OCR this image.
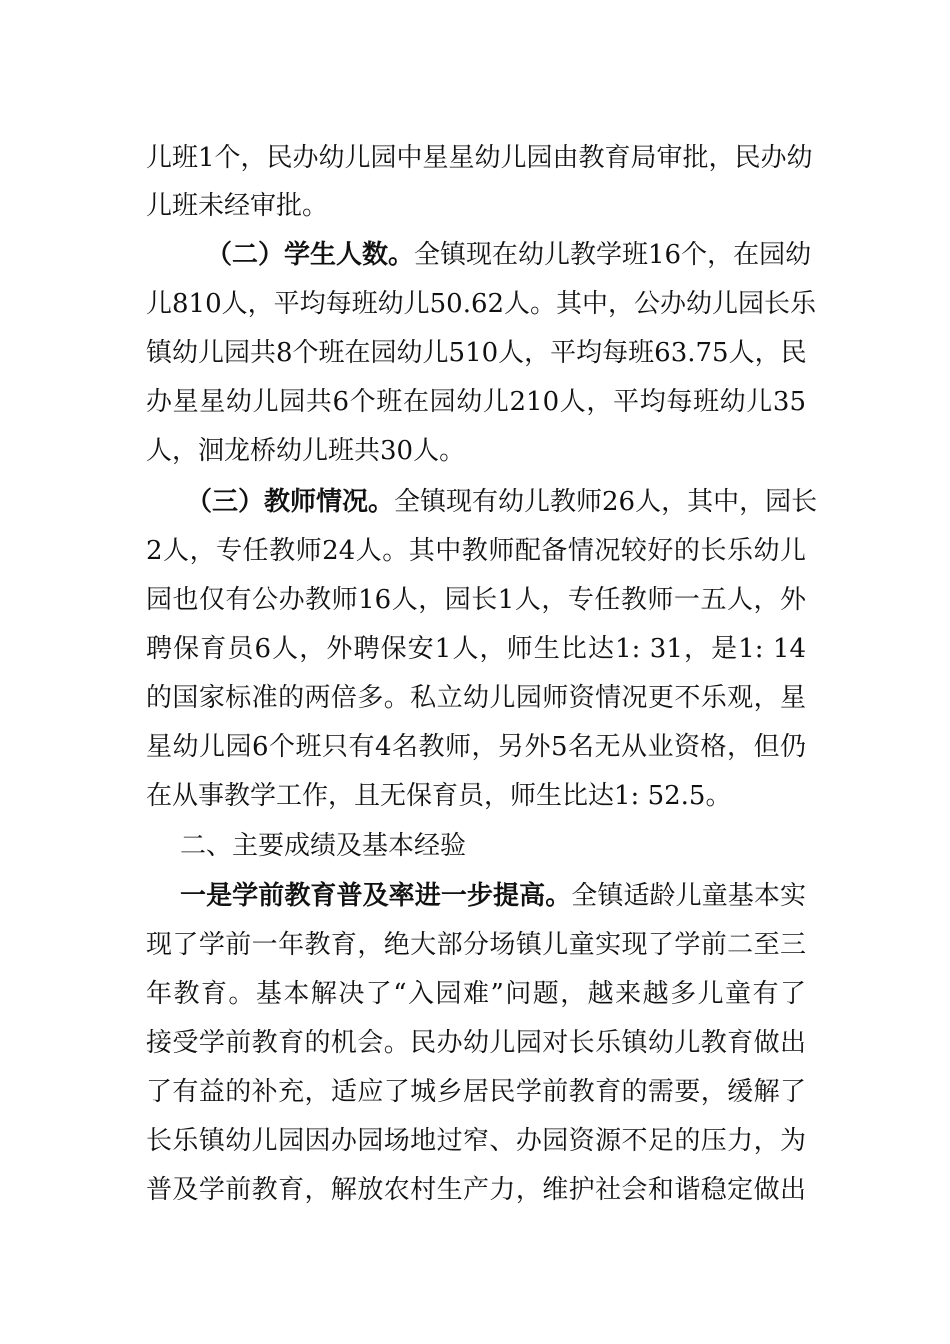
儿班1个，民办幼儿园中星星幼儿园由教育局审批，民办幼
儿班未经审批。
（二）学生人数。全镇现在幼儿教学班16个，在园幼
儿810人，平均每班幼儿50.62人。其中，公办幼儿园长乐
镇幼儿园共8个班在园幼儿510人，平均每班63.75人，民
办星星幼儿园共6个班在园幼儿210人，平均每班幼儿35
人，洄龙桥幼儿班共30人。
（三）教师情况。全镇现有幼儿教师26人，其中，园长
2人，专任教师24人。其中教师配备情况较好的长乐幼儿
园也仅有公办教师16人，园长1人，专任教师一五人，外
聘保育员6人，外聘保安1人，师生比达1: 31，是1: 14
的国家标准的两倍多。私立幼儿园师资情况更不乐观，星
星幼儿园6个班只有4名教师，另外5名无从业资格，但仍
在从事教学工作，且无保育员，师生比达1: 52.5。
二、主要成绩及基本经验
一是学前教育普及率进一步提高。全镇适龄儿童基本实
现了学前一年教育，绝大部分场镇儿童实现了学前二至三
年教育。基本解决了“入园难”问题，越来越多儿童有了
接受学前教育的机会。民办幼儿园对长乐镇幼儿教育做出
了有益的补充，适应了城乡居民学前教育的需要，缓解了
长乐镇幼儿园因办园场地过窄、办园资源不足的压力，为
普及学前教育，解放农村生产力，维护社会和谐稳定做出
